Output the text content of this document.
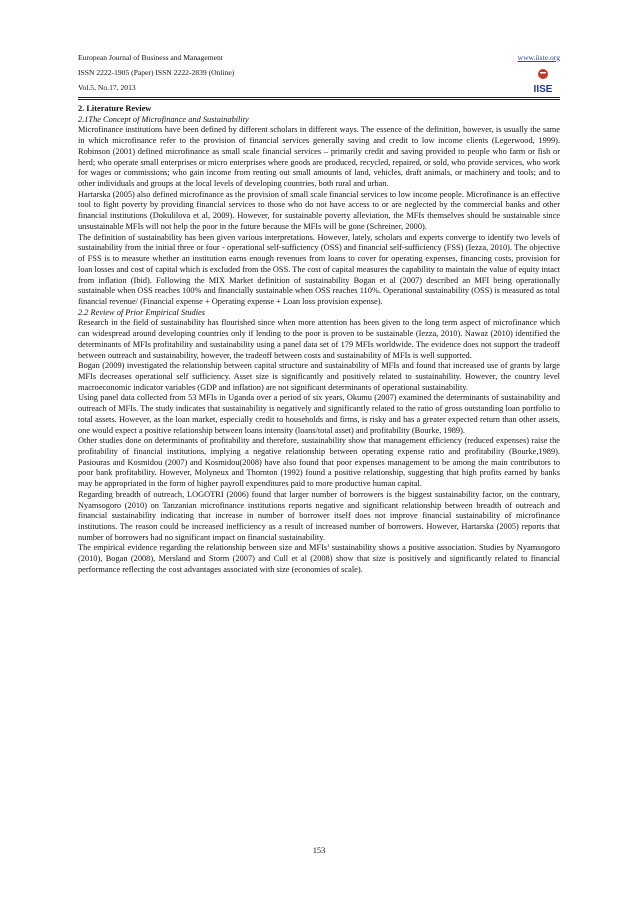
European Journal of Business and Management
ISSN 2222-1905 (Paper) ISSN 2222-2839 (Online)
Vol.5, No.17, 2013
www.iiste.org
IISE

2. Literature Review

2.1The Concept of Microfinance and Sustainability

Microfinance institutions have been defined by different scholars in different ways. The essence of the definition, however, is usually the same in which microfinance refer to the provision of financial services generally saving and credit to low income clients (Legerwood, 1999). Robinson (2001) defined microfinance as small scale financial services – primarily credit and saving provided to people who farm or fish or herd; who operate small enterprises or micro enterprises where goods are produced, recycled, repaired, or sold, who provide services, who work for wages or commissions; who gain income from renting out small amounts of land, vehicles, draft animals, or machinery and tools; and to other individuals and groups at the local levels of developing countries, both rural and urban.

Hartarska (2005) also defined microfinance as the provision of small scale financial services to low income people. Microfinance is an effective tool to fight poverty by providing financial services to those who do not have access to or are neglected by the commercial banks and other financial institutions (Dokulilova et al, 2009). However, for sustainable poverty alleviation, the MFIs themselves should be sustainable since unsustainable MFIs will not help the poor in the future because the MFIs will be gone (Schreiner, 2000).

The definition of sustainability has been given various interpretations. However, lately, scholars and experts converge to identify two levels of sustainability from the initial three or four - operational self-sufficiency (OSS) and financial self-sufficiency (FSS) (Iezza, 2010). The objective of FSS is to measure whether an institution earns enough revenues from loans to cover for operating expenses, financing costs, provision for loan losses and cost of capital which is excluded from the OSS. The cost of capital measures the capability to maintain the value of equity intact from inflation (Ibid). Following the MIX Market definition of sustainability Bogan et al (2007) described an MFI being operationally sustainable when OSS reaches 100% and financially sustainable when OSS reaches 110%. Operational sustainability (OSS) is measured as total financial revenue/ (Financial expense + Operating expense + Loan loss provision expense).

2.2 Review of Prior Empirical Studies

Research in the field of sustainability has flourished since when more attention has been given to the long term aspect of microfinance which can widespread around developing countries only if lending to the poor is proven to be sustainable (Iezza, 2010). Nawaz (2010) identified the determinants of MFIs profitability and sustainability using a panel data set of 179 MFIs worldwide. The evidence does not support the tradeoff between outreach and sustainability, however, the tradeoff between costs and sustainability of MFIs is well supported.

Bogan (2009) investigated the relationship between capital structure and sustainability of MFIs and found that increased use of grants by large MFIs decreases operational self sufficiency. Asset size is significantly and positively related to sustainability. However, the country level macroeconomic indicator variables (GDP and inflation) are not significant determinants of operational sustainability.

Using panel data collected from 53 MFIs in Uganda over a period of six years, Okumu (2007) examined the determinants of sustainability and outreach of MFIs. The study indicates that sustainability is negatively and significantly related to the ratio of gross outstanding loan portfolio to total assets. However, as the loan market, especially credit to households and firms, is risky and has a greater expected return than other assets, one would expect a positive relationship between loans intensity (loans/total asset) and profitability (Bourke, 1989).

Other studies done on determinants of profitability and therefore, sustainability show that management efficiency (reduced expenses) raise the profitability of financial institutions, implying a negative relationship between operating expense ratio and profitability (Bourke,1989). Pasiouras and Kosmidou (2007) and Kosmidou(2008) have also found that poor expenses management to be among the main contributors to poor bank profitability. However, Molyneux and Thornton (1992) found a positive relationship, suggesting that high profits earned by banks may be appropriated in the form of higher payroll expenditures paid to more productive human capital.

Regarding breadth of outreach, LOGOTRI (2006) found that larger number of borrowers is the biggest sustainability factor, on the contrary, Nyamsogoro (2010) on Tanzanian microfinance institutions reports negative and significant relationship between breadth of outreach and financial sustainability indicating that increase in number of borrower itself does not improve financial sustainability of microfinance institutions. The reason could be increased inefficiency as a result of increased number of borrowers. However, Hartarska (2005) reports that number of borrowers had no significant impact on financial sustainability.

The empirical evidence regarding the relationship between size and MFIs’ sustainability shows a positive association. Studies by Nyamsogoro (2010), Bogan (2008), Mersland and Storm (2007) and Cull et al (2008) show that size is positively and significantly related to financial performance reflecting the cost advantages associated with size (economies of scale).

153
